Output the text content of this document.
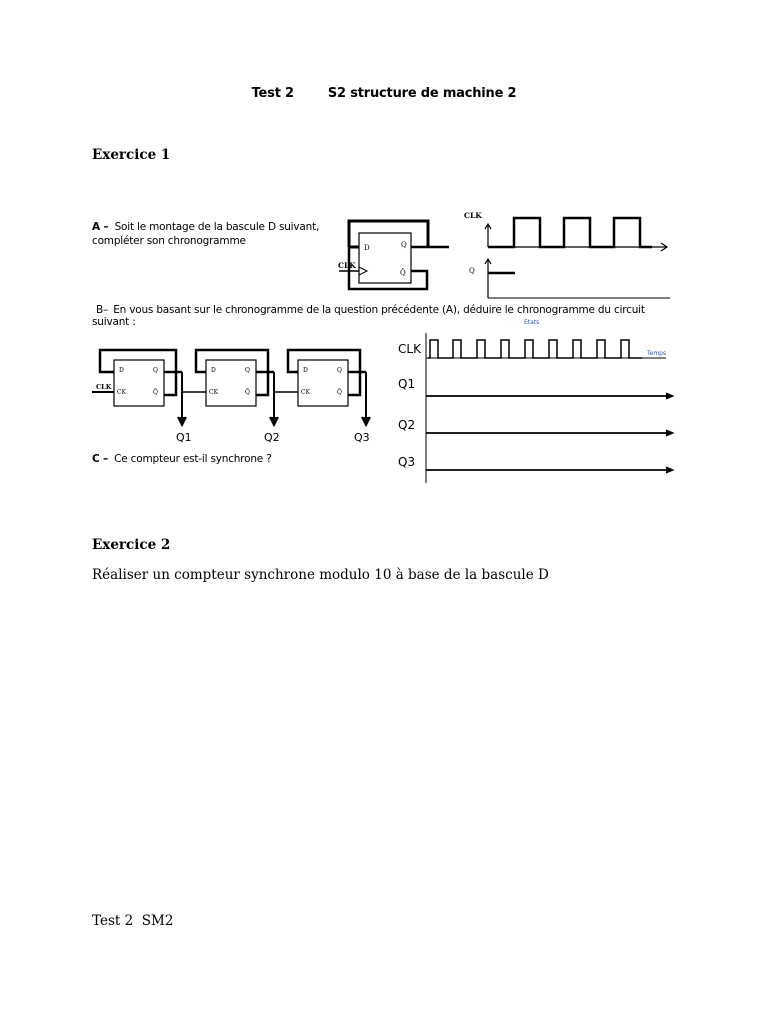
Test 2	S2 structure de machine 2
Exercice 1
A – Soit le montage de la bascule D suivant,
compléter son chronogramme
D	Q
Q̄
CLK
CLK
Q
B– En vous basant sur le chronogramme de la question précédente (A), déduire le chronogramme du circuit
suivant :	Etats
D	Q
CK	Q̄
D	Q
CK	Q̄
D	Q
CK	Q̄
CLK
Q1	Q2	Q3
C – Ce compteur est-il synchrone ?
CLK
Q1
Q2
Q3
Temps
Exercice 2
Réaliser un compteur synchrone modulo 10 à base de la bascule D
Test 2  SM2
